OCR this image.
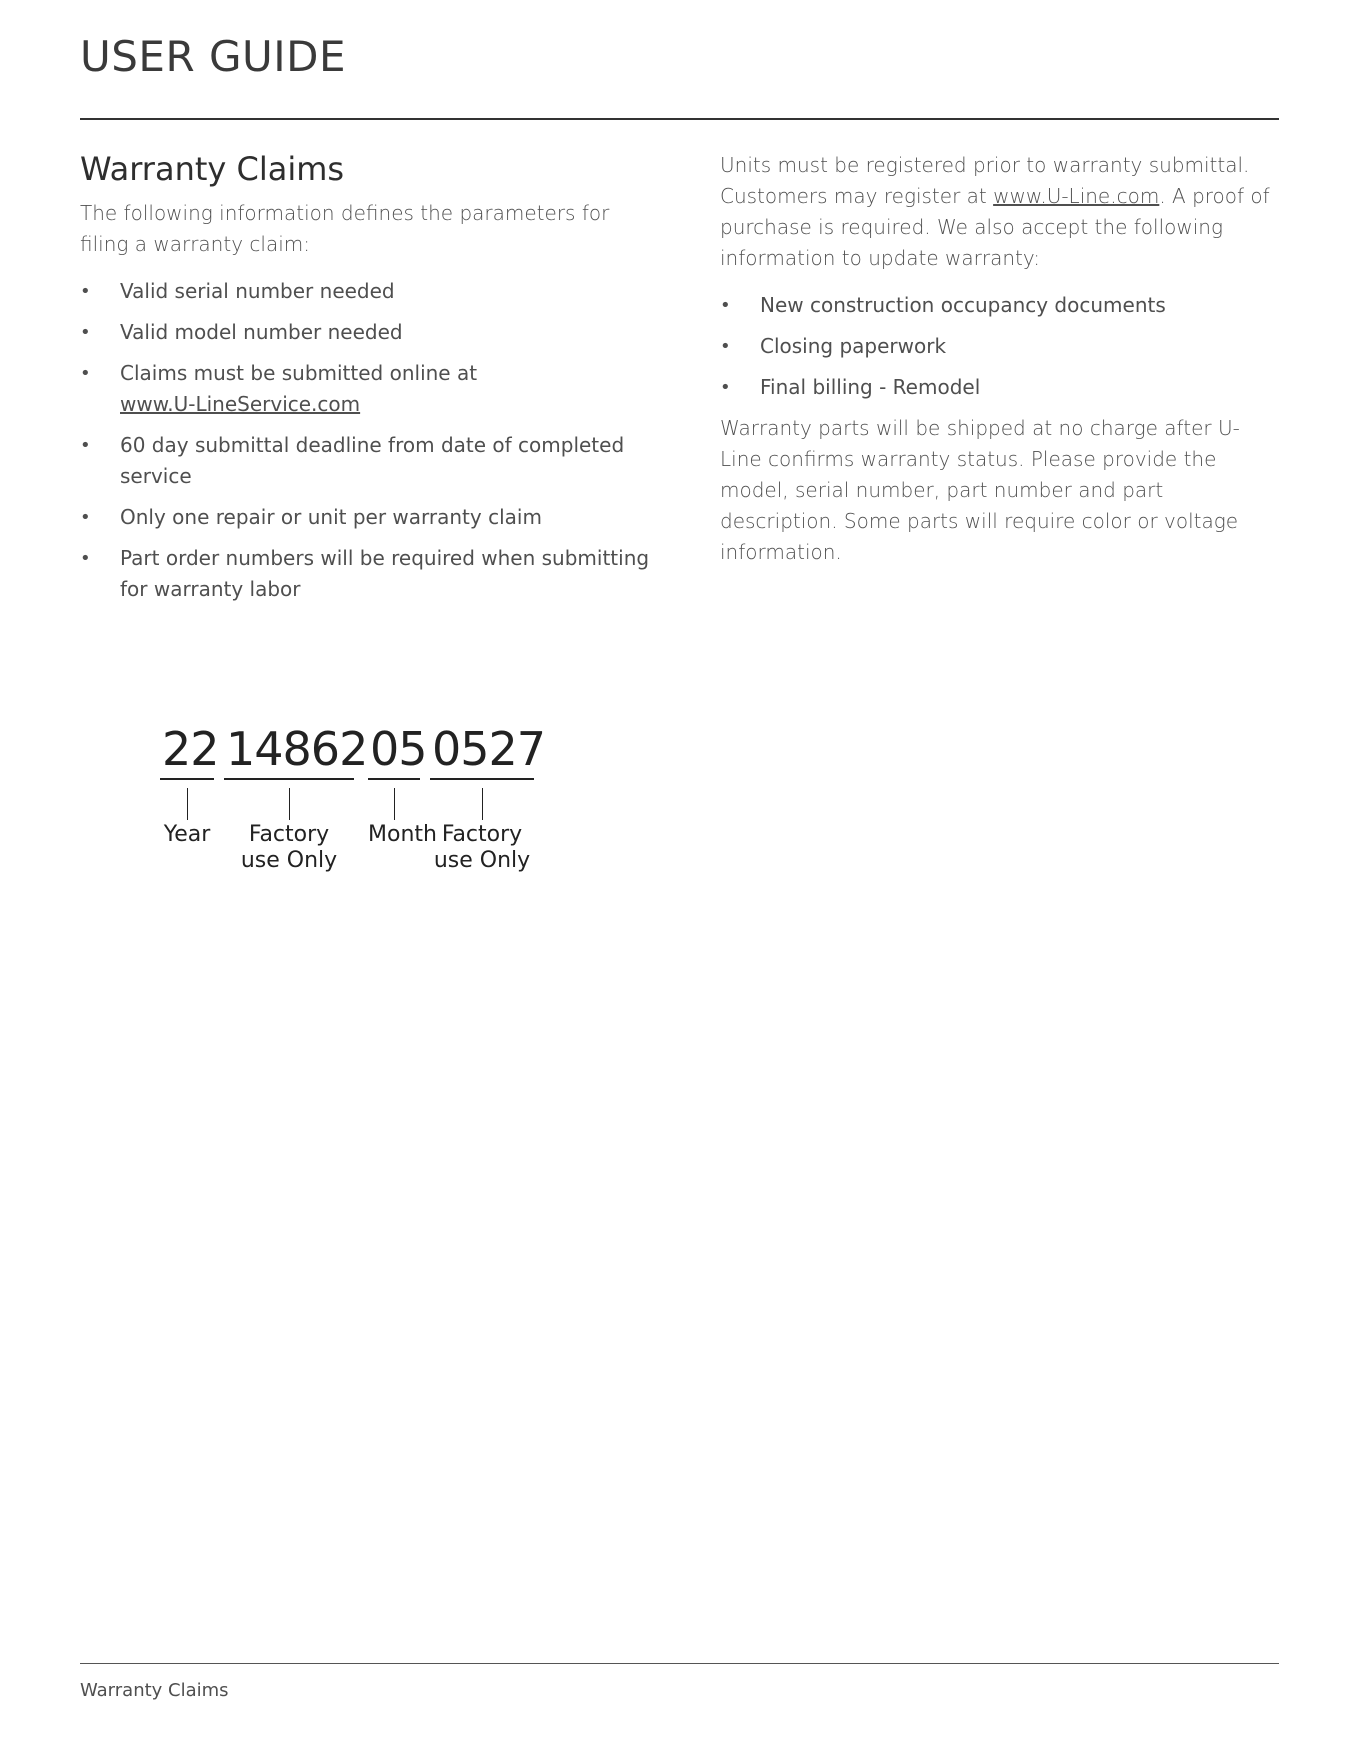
USER GUIDE
Warranty Claims

The following information defines the parameters for filing a warranty claim:

•	Valid serial number needed
•	Valid model number needed
•	Claims must be submitted online at
www.U-LineService.com
•	60 day submittal deadline from date of completed service
•	Only one repair or unit per warranty claim
•	Part order numbers will be required when submitting for warranty labor

Units must be registered prior to warranty submittal. Customers may register at www.U-Line.com. A proof of purchase is required. We also accept the following information to update warranty:

•	New construction occupancy documents
•	Closing paperwork
•	Final billing - Remodel

Warranty parts will be shipped at no charge after U-Line confirms warranty status. Please provide the model, serial number, part number and part description. Some parts will require color or voltage information.

22
Year
14862
Factory
use Only
05
Month
0527
Factory
use Only
Warranty Claims
